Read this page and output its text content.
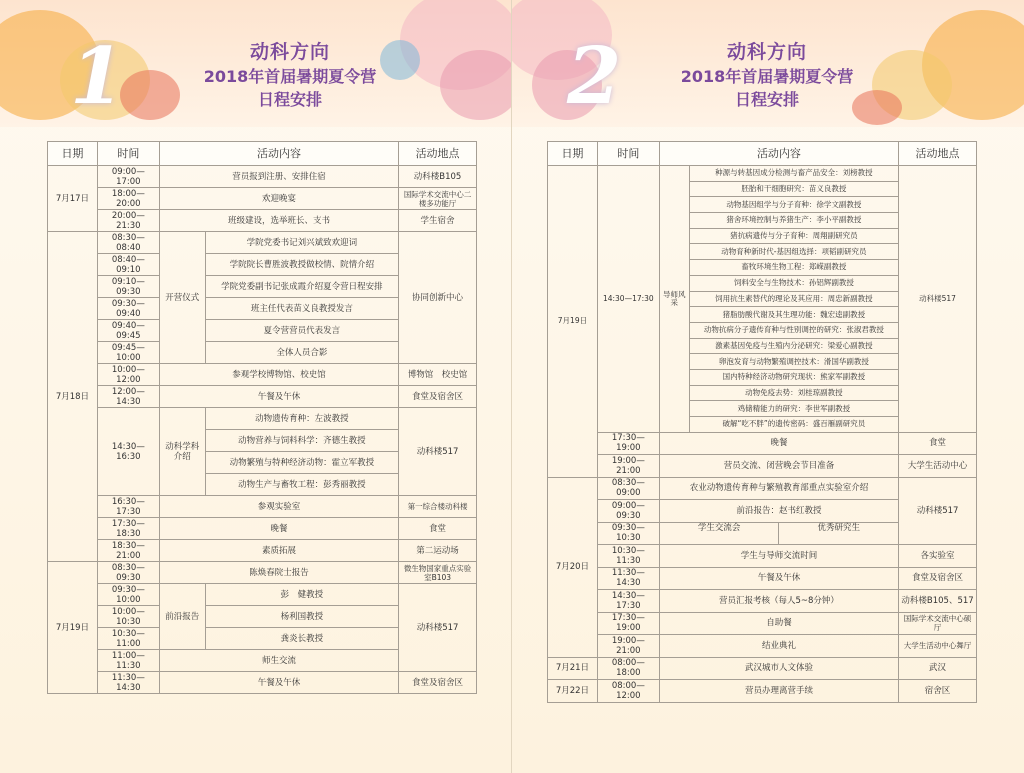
1	动科方向
2018年首届暑期夏令营
日程安排
日期	时间	活动内容		活动地点
7月17日	09:00—17:00	营员报到注册、安排住宿		动科楼B105
	18:00—20:00	欢迎晚宴		国际学术交流中心二楼多功能厅
	20:00—21:30	班级建设，选举班长、支书		学生宿舍
7月18日	08:30—08:40	开营仪式	学院党委书记刘兴斌致欢迎词	协同创新中心
	08:40—09:10		学院院长曹胜波教授做校情、院情介绍	
	09:10—09:30		学院党委副书记张成霞介绍夏令营日程安排	
	09:30—09:40		班主任代表苗义良教授发言	
	09:40—09:45		夏令营营员代表发言	
	09:45—10:00		全体人员合影	
	10:00—12:00	参观学校博物馆、校史馆		博物馆　校史馆
	12:00—14:30	午餐及午休		食堂及宿舍区
	14:30—16:30	动科学科介绍	动物遗传育种：左波教授	动科楼517
			动物营养与饲料科学：齐德生教授	
			动物繁殖与特种经济动物：霍立军教授	
			动物生产与畜牧工程：彭秀丽教授	
	16:30—17:30	参观实验室		第一综合楼动科楼
	17:30—18:30	晚餐		食堂
	18:30—21:00	素质拓展		第二运动场
7月19日	08:30—09:30	陈焕春院士报告		微生物国家重点实验室B103
	09:30—10:00	前沿报告	彭　健教授	动科楼517
	10:00—10:30		杨利国教授	
	10:30—11:00		龚炎长教授	
	11:00—11:30	师生交流		
	11:30—14:30	午餐及午休		食堂及宿舍区
2	动科方向
2018年首届暑期夏令营
日程安排
日期	时间	活动内容		活动地点
7月19日	14:30—17:30	导师风采	种源与转基因成分检测与畜产品安全：刘榜教授	动科楼517
			胚胎和干细胞研究：苗义良教授	
			动物基因组学与分子育种：徐学文副教授	
			猪舍环境控制与养猪生产：李小平副教授	
			猪抗病遗传与分子育种：周翔副研究员	
			动物育种新时代-基因组选择：项韬副研究员	
			畜牧环境生物工程：郑嵘副教授	
			饲料安全与生物技术：孙铝辉副教授	
			饲用抗生素替代的理论及其应用：周忠新副教授	
			猪脂肪酸代谢及其生理功能：魏宏逵副教授	
			动物抗病分子遗传育种与性别调控的研究：张淑君教授	
			激素基因免疫与生殖内分泌研究：梁爱心副教授	
			卵泡发育与动物繁殖调控技术：滑国华副教授	
			国内特种经济动物研究现状：熊家军副教授	
			动物免疫去势：刘桂琼副教授	
			鸡储精能力的研究：李世军副教授	
			破解“吃不胖”的遗传密码：盛百雁副研究员	
	17:30—19:00	晚餐		食堂
	19:00—21:00	营员交流、闭营晚会节目准备		大学生活动中心
7月20日	08:30—09:00	农业动物遗传育种与繁殖教育部重点实验室介绍		动科楼517
	09:00—09:30	前沿报告：赵书红教授		
	09:30—10:30	学生交流会 优秀研究生		

	10:30—11:30	学生与导师交流时间		各实验室
	11:30—14:30	午餐及午休		食堂及宿舍区
	14:30—17:30	营员汇报考核（每人5~8分钟）		动科楼B105、517
	17:30—19:00	自助餐		国际学术交流中心硕厅
	19:00—21:00	结业典礼		大学生活动中心舞厅
7月21日	08:00—18:00	武汉城市人文体验		武汉
7月22日	08:00—12:00	营员办理离营手续		宿舍区
